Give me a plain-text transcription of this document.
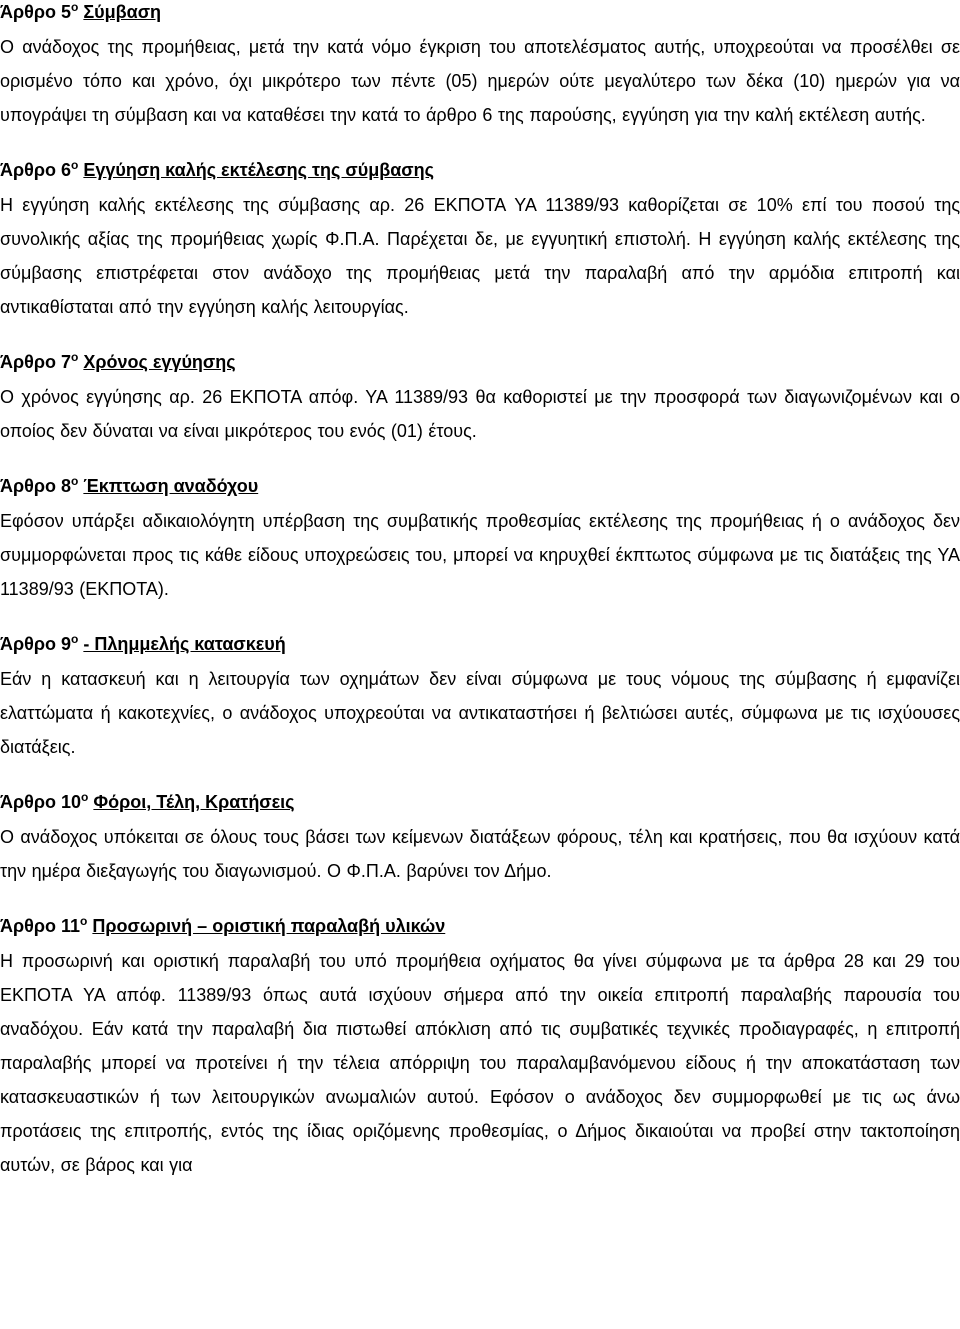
Άρθρο $5^o$ Σύμβαση

Ο ανάδοχος της προμήθειας, μετά την κατά νόμο έγκριση του αποτελέσματος αυτής, υποχρεούται να προσέλθει σε ορισμένο τόπο και χρόνο, όχι μικρότερο των πέντε (05) ημερών ούτε μεγαλύτερο των δέκα (10) ημερών για να υπογράψει τη σύμβαση και να καταθέσει την κατά το άρθρο 6 της παρούσης, εγγύηση για την καλή εκτέλεση αυτής.

Άρθρο $6^o$ Εγγύηση καλής εκτέλεσης της σύμβασης

Η εγγύηση καλής εκτέλεσης της σύμβασης αρ. 26 ΕΚΠΟΤΑ ΥΑ 11389/93 καθορίζεται σε 10% επί του ποσού της συνολικής αξίας της προμήθειας χωρίς Φ.Π.Α. Παρέχεται δε, με εγγυητική επιστολή. Η εγγύηση καλής εκτέλεσης της σύμβασης επιστρέφεται στον ανάδοχο της προμήθειας μετά την παραλαβή από την αρμόδια επιτροπή και αντικαθίσταται από την εγγύηση καλής λειτουργίας.

Άρθρο $7^o$ Χρόνος εγγύησης

Ο χρόνος εγγύησης αρ. 26 ΕΚΠΟΤΑ απόφ. ΥΑ 11389/93 θα καθοριστεί με την προσφορά των διαγωνιζομένων και ο οποίος δεν δύναται να είναι μικρότερος του ενός (01) έτους.

Άρθρο $8^o$ Έκπτωση αναδόχου

Εφόσον υπάρξει αδικαιολόγητη υπέρβαση της συμβατικής προθεσμίας εκτέλεσης της προμήθειας ή ο ανάδοχος δεν συμμορφώνεται προς τις κάθε είδους υποχρεώσεις του, μπορεί να κηρυχθεί έκπτωτος σύμφωνα με τις διατάξεις της ΥΑ 11389/93 (ΕΚΠΟΤΑ).

Άρθρο $9^o$ - Πλημμελής κατασκευή

Εάν η κατασκευή και η λειτουργία των οχημάτων δεν είναι σύμφωνα με τους νόμους της σύμβασης ή εμφανίζει ελαττώματα ή κακοτεχνίες, ο ανάδοχος υποχρεούται να αντικαταστήσει ή βελτιώσει αυτές, σύμφωνα με τις ισχύουσες διατάξεις.

Άρθρο $10^o$ Φόροι, Τέλη, Κρατήσεις

Ο ανάδοχος υπόκειται σε όλους τους βάσει των κείμενων διατάξεων φόρους, τέλη και κρατήσεις, που θα ισχύουν κατά την ημέρα διεξαγωγής του διαγωνισμού. Ο Φ.Π.Α. βαρύνει τον Δήμο.

Άρθρο $11^o$ Προσωρινή – οριστική παραλαβή υλικών

Η προσωρινή και οριστική παραλαβή του υπό προμήθεια οχήματος θα γίνει σύμφωνα με τα άρθρα 28 και 29 του ΕΚΠΟΤΑ ΥΑ απόφ. 11389/93 όπως αυτά ισχύουν σήμερα από την οικεία επιτροπή παραλαβής παρουσία του αναδόχου. Εάν κατά την παραλαβή δια πιστωθεί απόκλιση από τις συμβατικές τεχνικές προδιαγραφές, η επιτροπή παραλαβής μπορεί να προτείνει ή την τέλεια απόρριψη του παραλαμβανόμενου είδους ή την αποκατάσταση των κατασκευαστικών ή των λειτουργικών ανωμαλιών αυτού. Εφόσον ο ανάδοχος δεν συμμορφωθεί με τις ως άνω προτάσεις της επιτροπής, εντός της ίδιας οριζόμενης προθεσμίας, ο Δήμος δικαιούται να προβεί στην τακτοποίηση αυτών, σε βάρος και για
